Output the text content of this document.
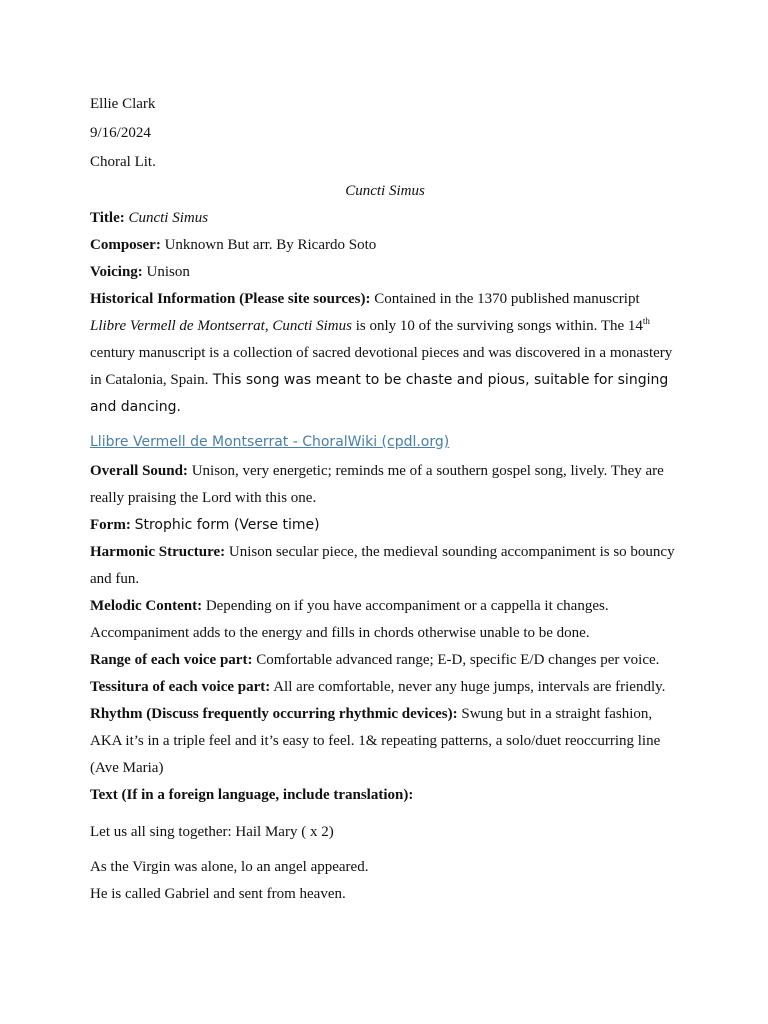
Ellie Clark
9/16/2024
Choral Lit.
Cuncti Simus
Title: Cuncti Simus
Composer: Unknown But arr. By Ricardo Soto
Voicing: Unison
Historical Information (Please site sources): Contained in the 1370 published manuscript
Llibre Vermell de Montserrat, Cuncti Simus is only 10 of the surviving songs within. The 14th
century manuscript is a collection of sacred devotional pieces and was discovered in a monastery
in Catalonia, Spain. This song was meant to be chaste and pious, suitable for singing
and dancing.
Llibre Vermell de Montserrat - ChoralWiki (cpdl.org)
Overall Sound: Unison, very energetic; reminds me of a southern gospel song, lively. They are
really praising the Lord with this one.
Form: Strophic form (Verse time)
Harmonic Structure: Unison secular piece, the medieval sounding accompaniment is so bouncy
and fun.
Melodic Content: Depending on if you have accompaniment or a cappella it changes.
Accompaniment adds to the energy and fills in chords otherwise unable to be done.
Range of each voice part: Comfortable advanced range; E-D, specific E/D changes per voice.
Tessitura of each voice part: All are comfortable, never any huge jumps, intervals are friendly.
Rhythm (Discuss frequently occurring rhythmic devices): Swung but in a straight fashion,
AKA it’s in a triple feel and it’s easy to feel. 1& repeating patterns, a solo/duet reoccurring line
(Ave Maria)
Text (If in a foreign language, include translation):
Let us all sing together: Hail Mary ( x 2)
As the Virgin was alone, lo an angel appeared.
He is called Gabriel and sent from heaven.
